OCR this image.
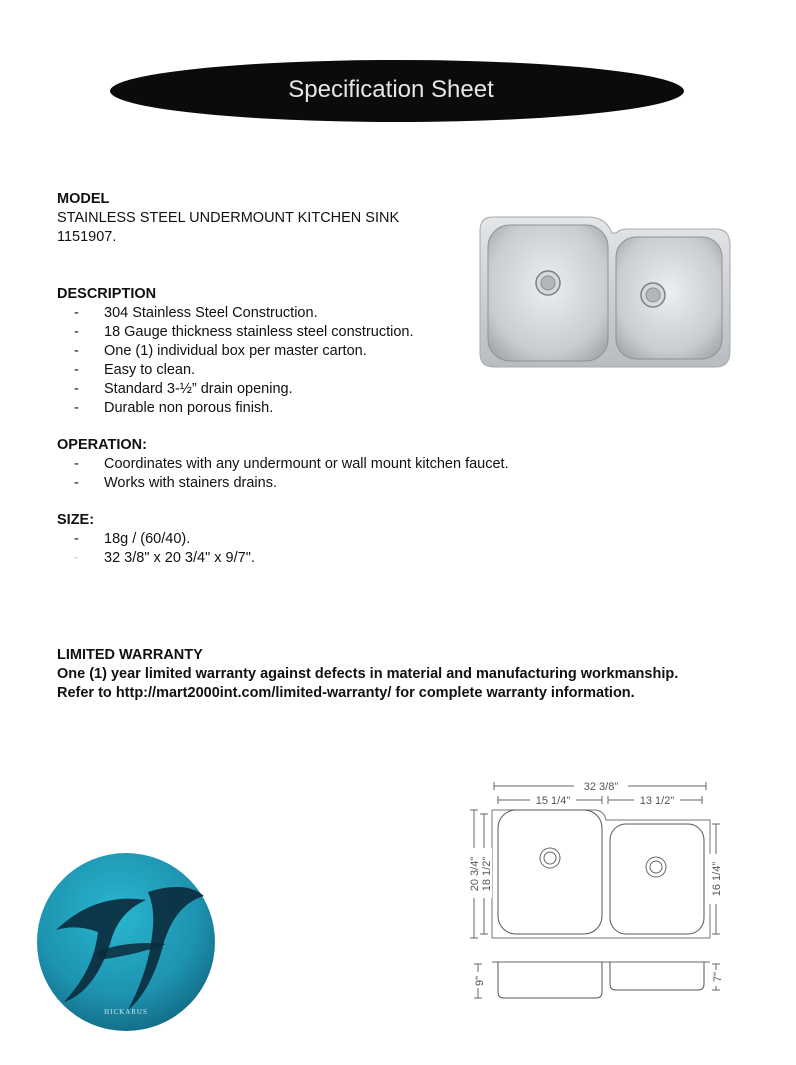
Specification Sheet
MODEL
STAINLESS STEEL UNDERMOUNT KITCHEN SINK
1151907.
DESCRIPTION
- 304 Stainless Steel Construction.
- 18 Gauge thickness stainless steel construction.
- One (1) individual box per master carton.
- Easy to clean.
- Standard 3-½” drain opening.
- Durable non porous finish.
OPERATION:
- Coordinates with any undermount or wall mount kitchen faucet.
- Works with stainers drains.
SIZE:
- 18g / (60/40).
- 32 3/8" x 20 3/4" x 9/7".
LIMITED WARRANTY
One (1) year limited warranty against defects in material and manufacturing workmanship.
Refer to http://mart2000int.com/limited-warranty/ for complete warranty information.
HICKARUS
32 3/8"
15 1/4"	13 1/2"
20 3/4" 18 1/2"	16 1/4"
9"	7"
